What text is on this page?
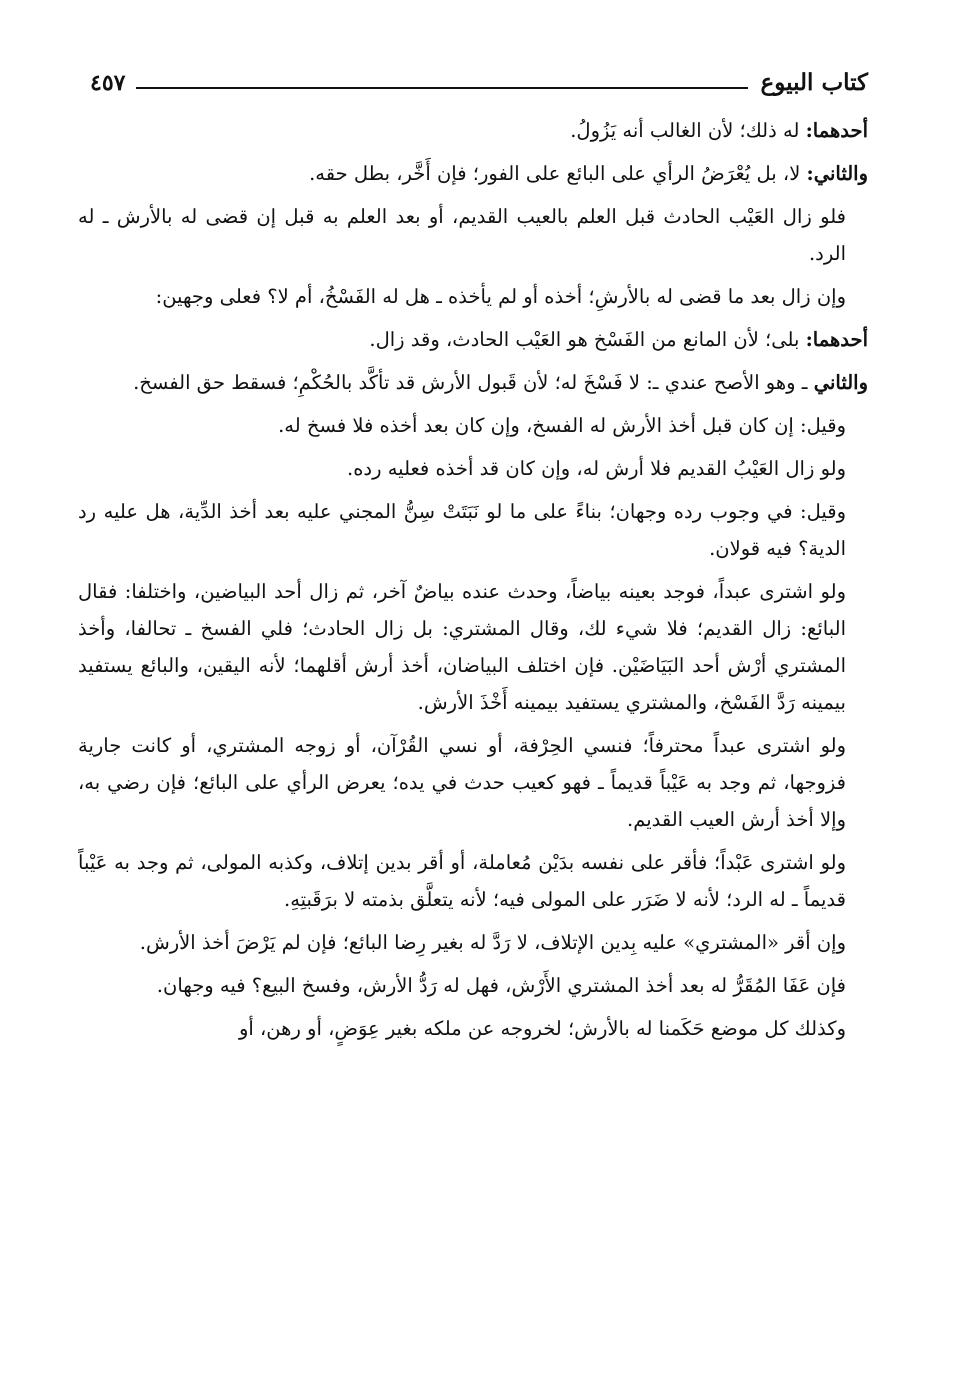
كتاب البيوع
٤٥٧

أحدهما: له ذلك؛ لأن الغالب أنه يَزُولُ.

والثاني: لا، بل يُعْرَضُ الرأي على البائع على الفور؛ فإن أَخَّر، بطل حقه.

فلو زال العَيْب الحادث قبل العلم بالعيب القديم، أو بعد العلم به قبل إن قضى له بالأرش ـ له الرد.

وإن زال بعد ما قضى له بالأرشِ؛ أخذه أو لم يأخذه ـ هل له الفَسْخُ، أم لا؟ فعلى وجهين:

أحدهما: بلى؛ لأن المانع من الفَسْخ هو العَيْب الحادث، وقد زال.

والثاني ـ وهو الأصح عندي ـ: لا فَسْخَ له؛ لأن قَبول الأرش قد تأكَّد بالحُكْمِ؛ فسقط حق الفسخ.

وقيل: إن كان قبل أخذ الأرش له الفسخ، وإن كان بعد أخذه فلا فسخ له.

ولو زال العَيْبُ القديم فلا أرش له، وإن كان قد أخذه فعليه رده.

وقيل: في وجوب رده وجهان؛ بناءً على ما لو نَبَتَتْ سِنُّ المجني عليه بعد أخذ الدِّية، هل عليه رد الدية؟ فيه قولان.

ولو اشترى عبداً، فوجد بعينه بياضاً، وحدث عنده بياضٌ آخر، ثم زال أحد البياضين، واختلفا: فقال البائع: زال القديم؛ فلا شيء لك، وقال المشتري: بل زال الحادث؛ فلي الفسخ ـ تحالفا، وأخذ المشتري أرْش أحد البَيَاضَيْن. فإن اختلف البياضان، أخذ أرش أقلهما؛ لأنه اليقين، والبائع يستفيد بيمينه رَدَّ الفَسْخ، والمشتري يستفيد بيمينه أَخْذَ الأرش.

ولو اشترى عبداً محترفاً؛ فنسي الحِرْفة، أو نسي القُرْآن، أو زوجه المشتري، أو كانت جارية فزوجها، ثم وجد به عَيْباً قديماً ـ فهو كعيب حدث في يده؛ يعرض الرأي على البائع؛ فإن رضي به، وإلا أخذ أرش العيب القديم.

ولو اشترى عَبْداً؛ فأقر على نفسه بدَيْن مُعاملة، أو أقر بدين إتلاف، وكذبه المولى، ثم وجد به عَيْباً قديماً ـ له الرد؛ لأنه لا ضَرَر على المولى فيه؛ لأنه يتعلَّق بذمته لا برَقَبتِهِ.

وإن أقر «المشتري» عليه بِدين الإتلاف، لا رَدَّ له بغير رِضا البائع؛ فإن لم يَرْضَ أخذ الأرش.

فإن عَفَا المُقَرُّ له بعد أخذ المشتري الأَرْش، فهل له رَدُّ الأرش، وفسخ البيع؟ فيه وجهان.

وكذلك كل موضع حَكَمنا له بالأرش؛ لخروجه عن ملكه بغير عِوَضٍ، أو رهن، أو
